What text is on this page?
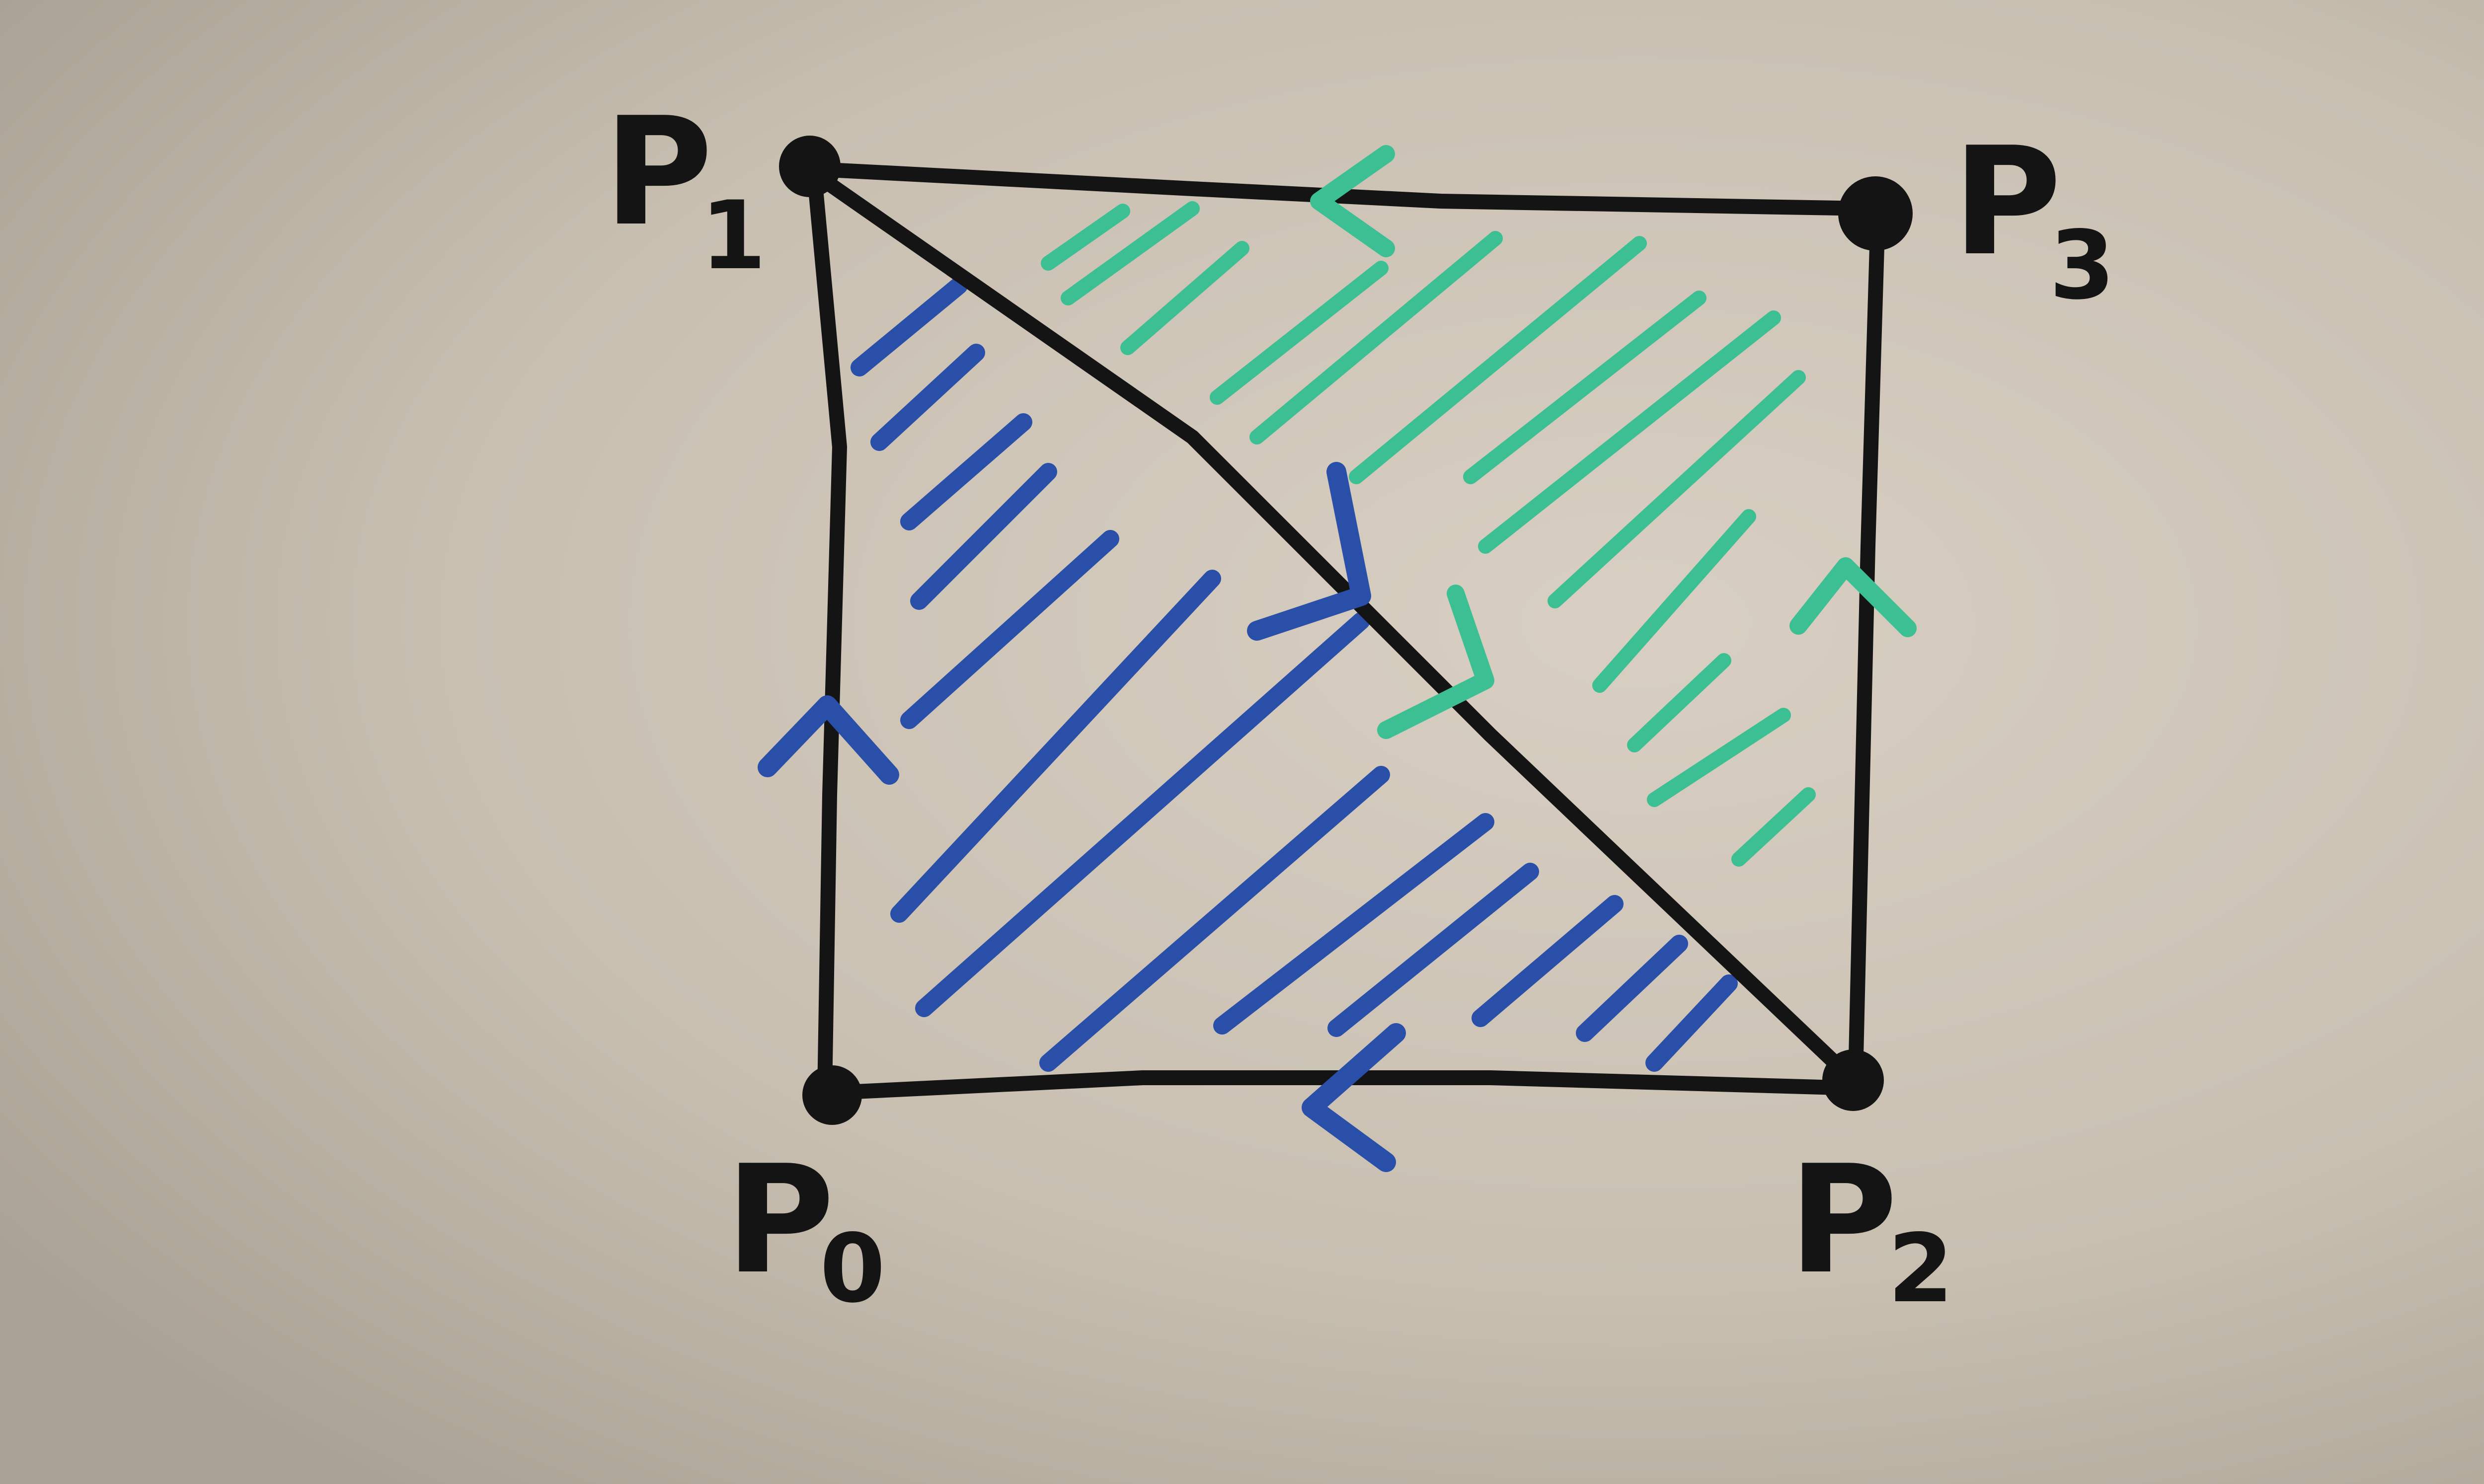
P
1	P
3
P
0	P
2
